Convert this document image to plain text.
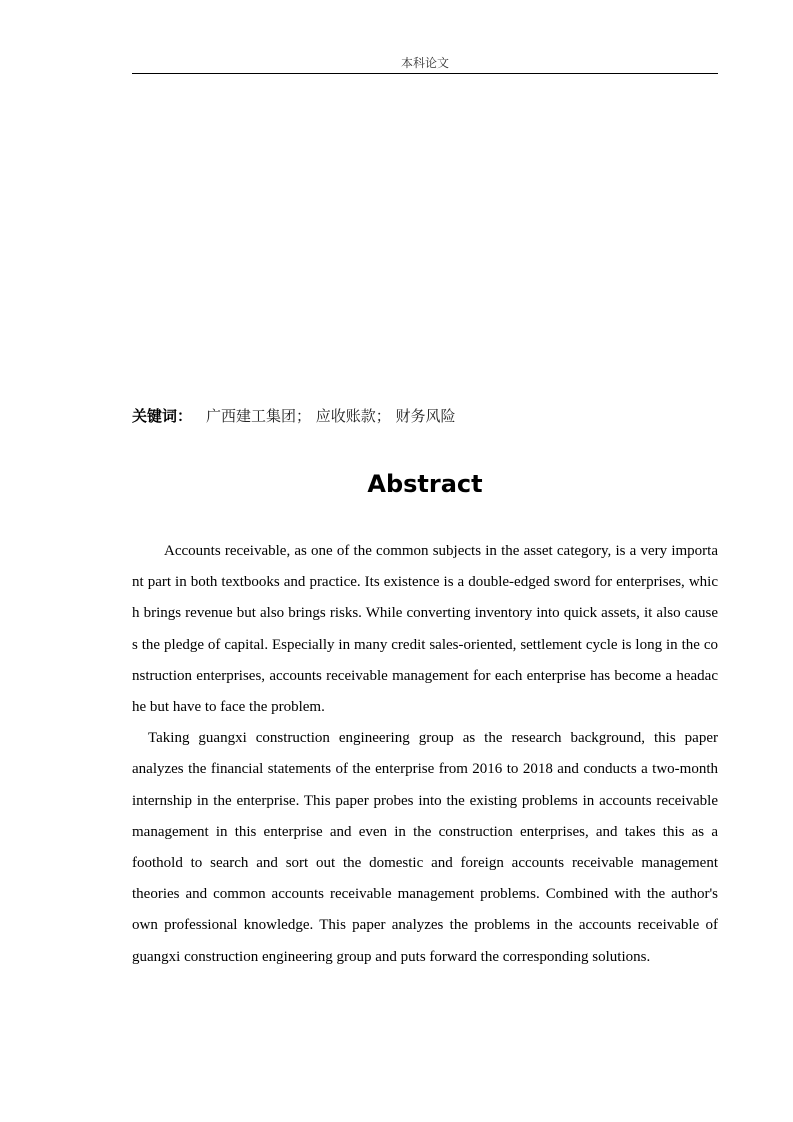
本科论文
关键词： 广西建工集团； 应收账款； 财务风险
Abstract

Accounts receivable, as one of the common subjects in the asset category, is a very important part in both textbooks and practice. Its existence is a double-edged sword for enterprises, which brings revenue but also brings risks. While converting inventory into quick assets, it also causes the pledge of capital. Especially in many credit sales-oriented, settlement cycle is long in the construction enterprises, accounts receivable management for each enterprise has become a headache but have to face the problem.

Taking guangxi construction engineering group as the research background, this paper analyzes the financial statements of the enterprise from 2016 to 2018 and conducts a two-month internship in the enterprise. This paper probes into the existing problems in accounts receivable management in this enterprise and even in the construction enterprises, and takes this as a foothold to search and sort out the domestic and foreign accounts receivable management theories and common accounts receivable management problems. Combined with the author's own professional knowledge. This paper analyzes the problems in the accounts receivable of guangxi construction engineering group and puts forward the corresponding solutions.
